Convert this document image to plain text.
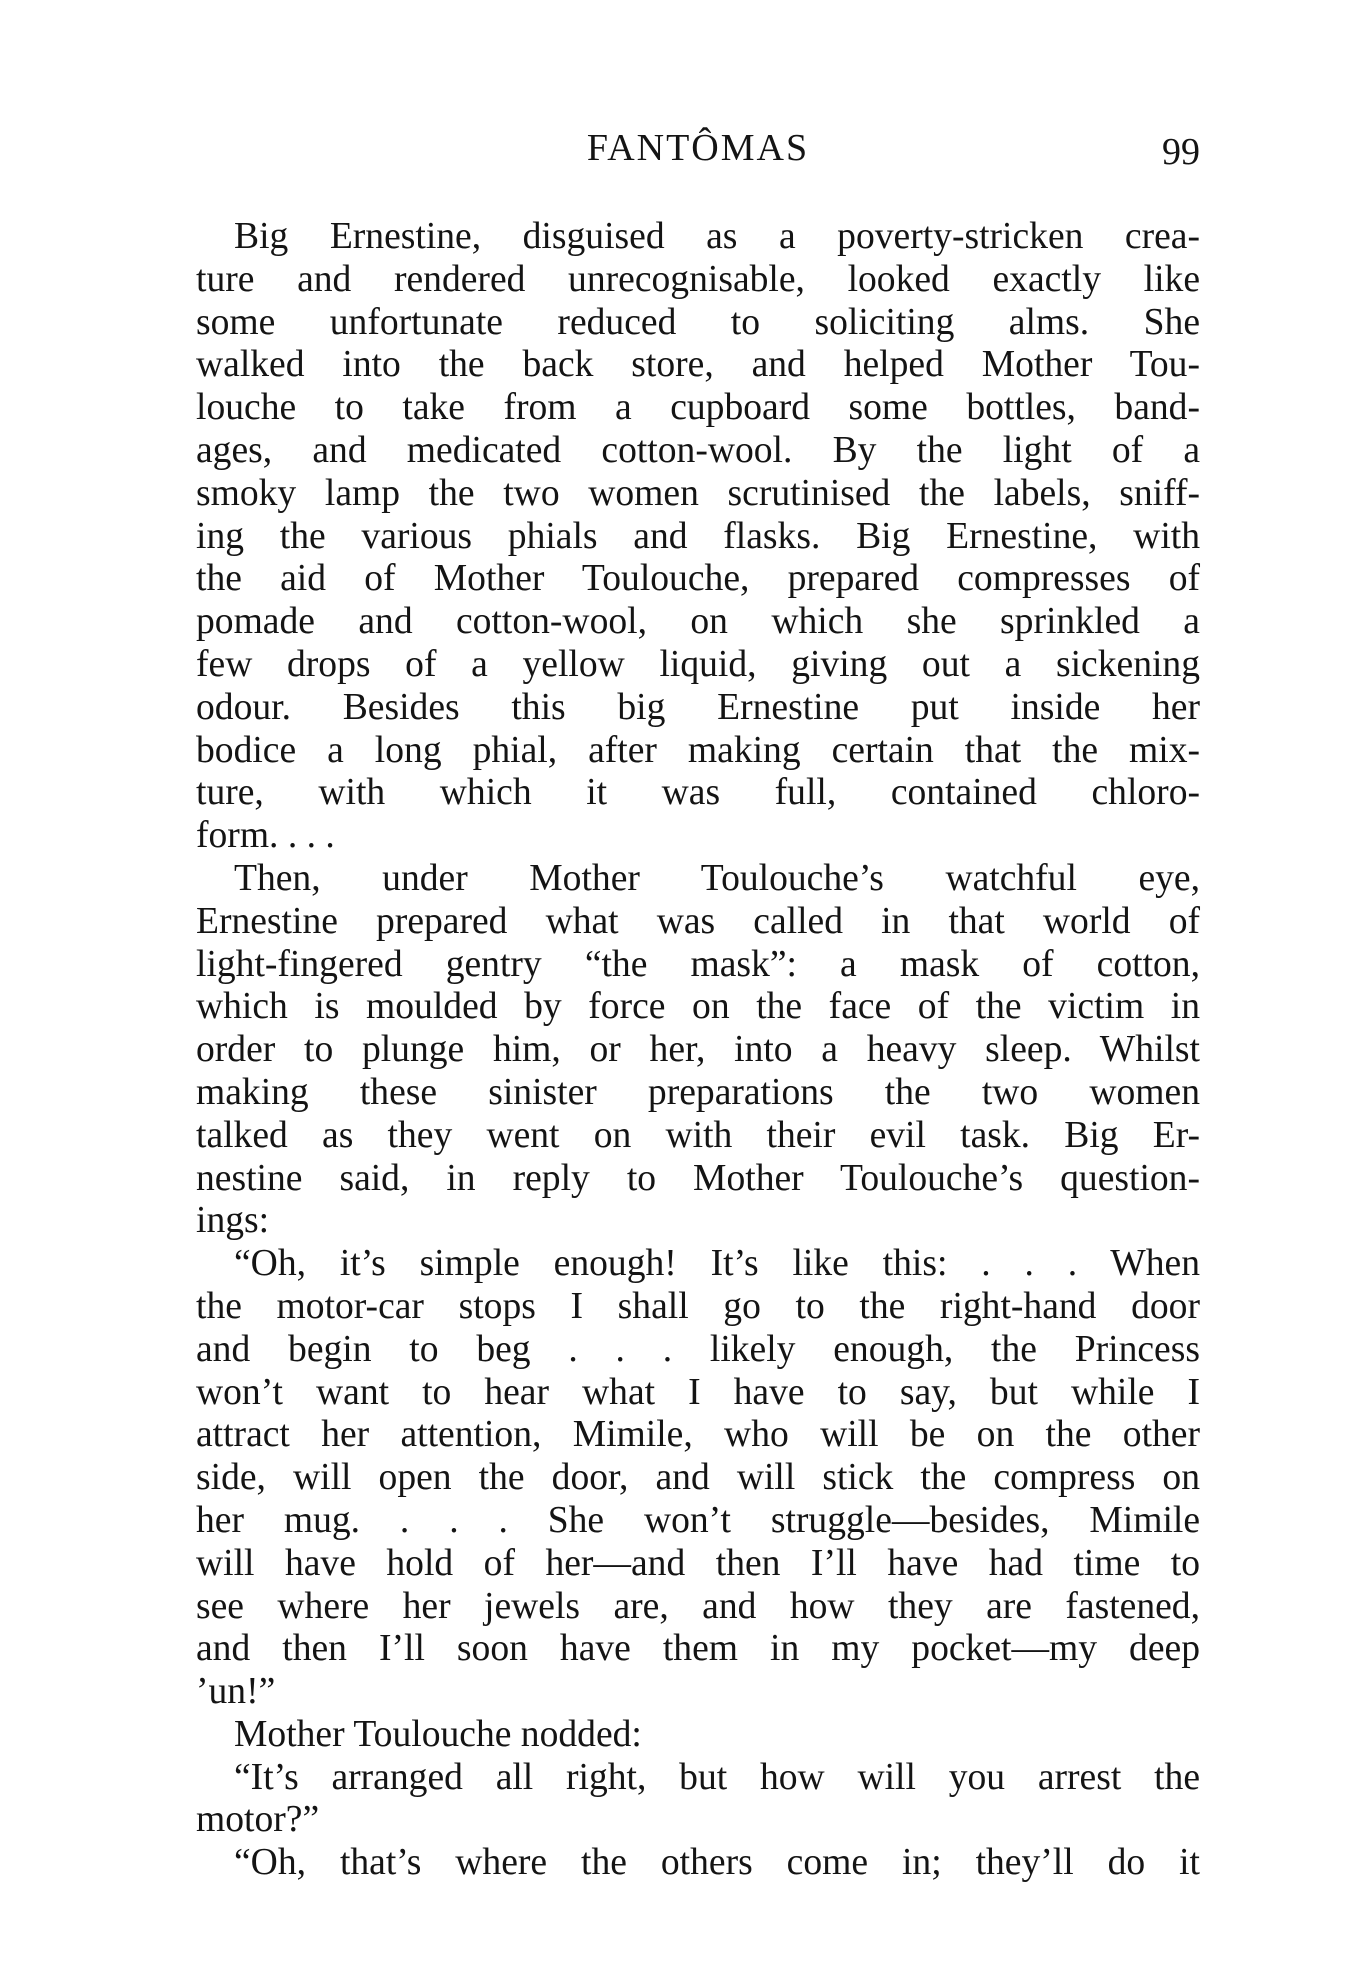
FANTÔMAS	99
Big Ernestine, disguised as a poverty-stricken crea-
ture and rendered unrecognisable, looked exactly like
some unfortunate reduced to soliciting alms. She
walked into the back store, and helped Mother Tou-
louche to take from a cupboard some bottles, band-
ages, and medicated cotton-wool. By the light of a
smoky lamp the two women scrutinised the labels, sniff-
ing the various phials and flasks. Big Ernestine, with
the aid of Mother Toulouche, prepared compresses of
pomade and cotton-wool, on which she sprinkled a
few drops of a yellow liquid, giving out a sickening
odour. Besides this big Ernestine put inside her
bodice a long phial, after making certain that the mix-
ture, with which it was full, contained chloro-
form. . . .
Then, under Mother Toulouche’s watchful eye,
Ernestine prepared what was called in that world of
light-fingered gentry “the mask”: a mask of cotton,
which is moulded by force on the face of the victim in
order to plunge him, or her, into a heavy sleep. Whilst
making these sinister preparations the two women
talked as they went on with their evil task. Big Er-
nestine said, in reply to Mother Toulouche’s question-
ings:
“Oh, it’s simple enough! It’s like this: . . . When
the motor-car stops I shall go to the right-hand door
and begin to beg . . . likely enough, the Princess
won’t want to hear what I have to say, but while I
attract her attention, Mimile, who will be on the other
side, will open the door, and will stick the compress on
her mug. . . . She won’t struggle—besides, Mimile
will have hold of her—and then I’ll have had time to
see where her jewels are, and how they are fastened,
and then I’ll soon have them in my pocket—my deep
’un!”
Mother Toulouche nodded:
“It’s arranged all right, but how will you arrest the
motor?”
“Oh, that’s where the others come in; they’ll do it
